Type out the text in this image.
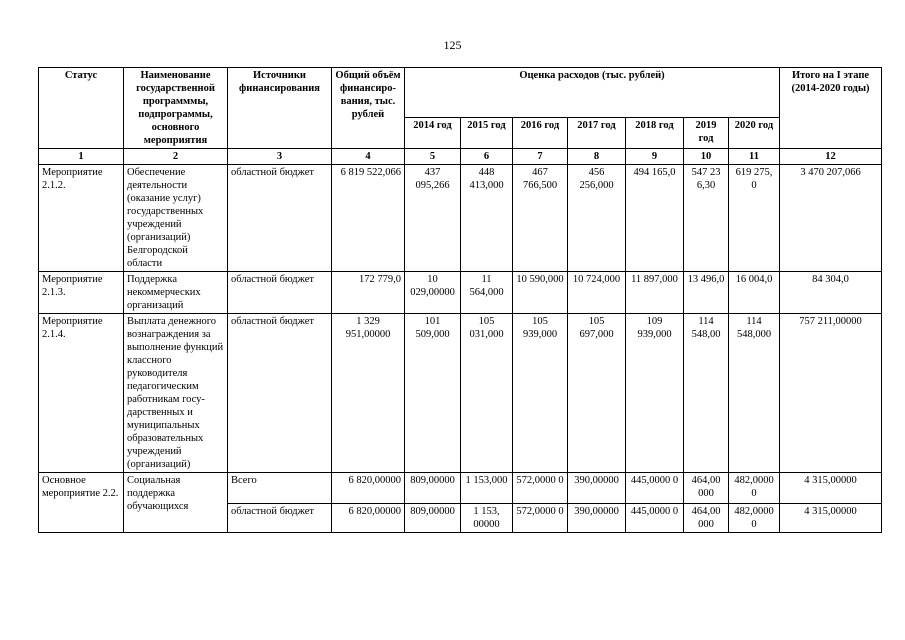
125
Статус	Наименование государственной программмы, подпрограммы, основного мероприятия	Источники финансирования	Общий объём финансиро-вания, тыс. рублей	Оценка расходов (тыс. рублей)							Итого на I этапе (2014-2020 годы)
				2014 год	2015 год	2016 год	2017 год	2018 год	2019 год	2020 год	
1	2	3	4	5	6	7	8	9	10	11	12
Мероприятие 2.1.2.	Обеспечение деятельности (оказание услуг) государственных учреждений (организаций) Белгородской области	областной бюджет	6 819 522,066	437 095,266	448 413,000	467 766,500	456 256,000	494 165,0	547 23 6,30	619 275, 0	3 470 207,066
Мероприятие 2.1.3.	Поддержка некоммерческих организаций	областной бюджет	172 779,0	10 029,00000	11 564,000	10 590,000	10 724,000	11 897,000	13 496,0	16 004,0	84 304,0
Мероприятие 2.1.4.	Выплата денежного вознаграждения за выполнение функций классного руководителя педагогическим работникам госу-дарственных и муниципальных образовательных учреждений (организаций)	областной бюджет	1 329 951,00000	101 509,000	105 031,000	105 939,000	105 697,000	109 939,000	114 548,00	114 548,000	757 211,00000
Основное мероприятие 2.2.	Социальная поддержка обучающихся	Всего	6 820,00000	809,00000	1 153,000	572,0000 0	390,00000	445,0000 0	464,00 000	482,0000 0	4 315,00000
		областной бюджет	6 820,00000	809,00000	1 153, 00000	572,0000 0	390,00000	445,0000 0	464,00 000	482,0000 0	4 315,00000
